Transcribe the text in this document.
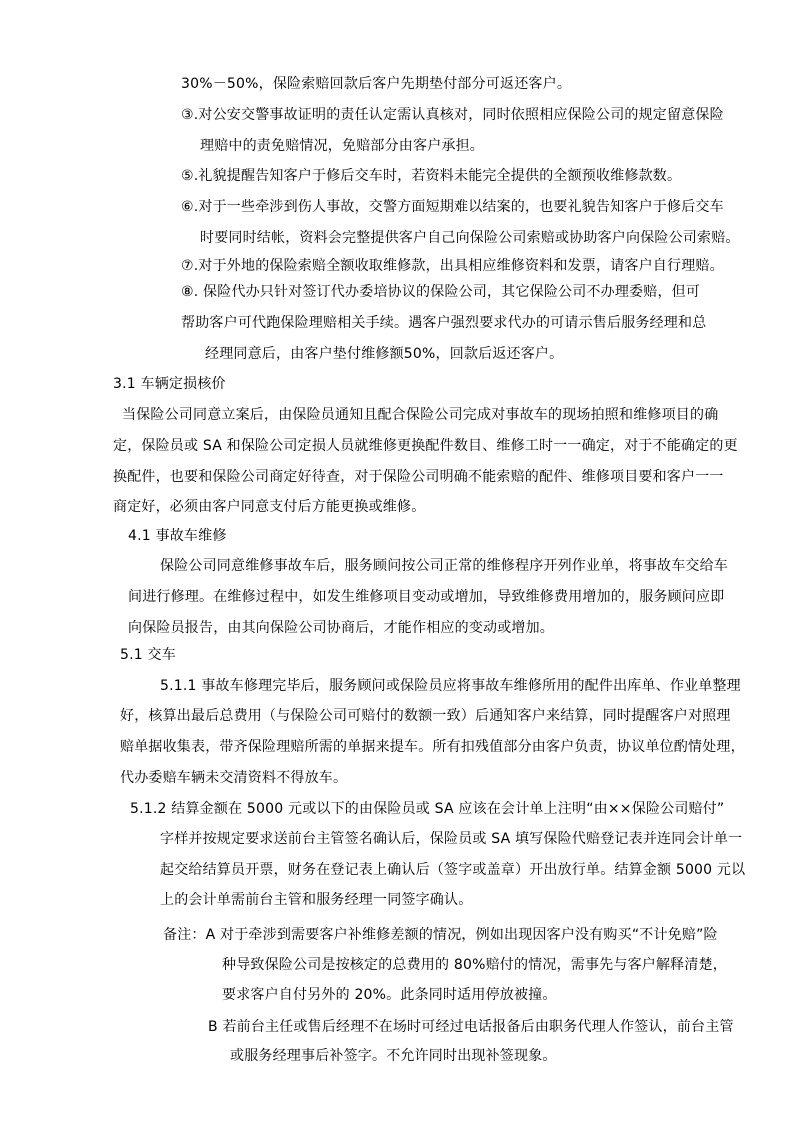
30%－50%，保险索赔回款后客户先期垫付部分可返还客户。
③.对公安交警事故证明的责任认定需认真核对，同时依照相应保险公司的规定留意保险
理赔中的责免赔情况，免赔部分由客户承担。
⑤.礼貌提醒告知客户于修后交车时，若资料未能完全提供的全额预收维修款数。
⑥.对于一些牵涉到伤人事故，交警方面短期难以结案的，也要礼貌告知客户于修后交车
时要同时结帐，资料会完整提供客户自己向保险公司索赔或协助客户向保险公司索赔。
⑦.对于外地的保险索赔全额收取维修款，出具相应维修资料和发票，请客户自行理赔。
⑧. 保险代办只针对签订代办委培协议的保险公司，其它保险公司不办理委赔，但可
帮助客户可代跑保险理赔相关手续。遇客户强烈要求代办的可请示售后服务经理和总
经理同意后，由客户垫付维修额50%，回款后返还客户。
3.1 车辆定损核价
当保险公司同意立案后，由保险员通知且配合保险公司完成对事故车的现场拍照和维修项目的确
定，保险员或 SA 和保险公司定损人员就维修更换配件数目、维修工时一一确定，对于不能确定的更
换配件，也要和保险公司商定好待查，对于保险公司明确不能索赔的配件、维修项目要和客户一一
商定好，必须由客户同意支付后方能更换或维修。
4.1 事故车维修
保险公司同意维修事故车后，服务顾问按公司正常的维修程序开列作业单，将事故车交给车
间进行修理。在维修过程中，如发生维修项目变动或增加，导致维修费用增加的，服务顾问应即
向保险员报告，由其向保险公司协商后，才能作相应的变动或增加。
5.1 交车
5.1.1 事故车修理完毕后，服务顾问或保险员应将事故车维修所用的配件出库单、作业单整理
好，核算出最后总费用（与保险公司可赔付的数额一致）后通知客户来结算，同时提醒客户对照理
赔单据收集表，带齐保险理赔所需的单据来提车。所有扣残值部分由客户负责，协议单位酌情处理，
代办委赔车辆未交清资料不得放车。
5.1.2 结算金额在 5000 元或以下的由保险员或 SA 应该在会计单上注明“由××保险公司赔付”
字样并按规定要求送前台主管签名确认后，保险员或 SA 填写保险代赔登记表并连同会计单一
起交给结算员开票，财务在登记表上确认后（签字或盖章）开出放行单。结算金额 5000 元以
上的会计单需前台主管和服务经理一同签字确认。
备注：A 对于牵涉到需要客户补维修差额的情况，例如出现因客户没有购买“不计免赔”险
种导致保险公司是按核定的总费用的 80%赔付的情况，需事先与客户解释清楚，
要求客户自付另外的 20%。此条同时适用停放被撞。
B 若前台主任或售后经理不在场时可经过电话报备后由职务代理人作签认，前台主管
或服务经理事后补签字。不允许同时出现补签现象。
